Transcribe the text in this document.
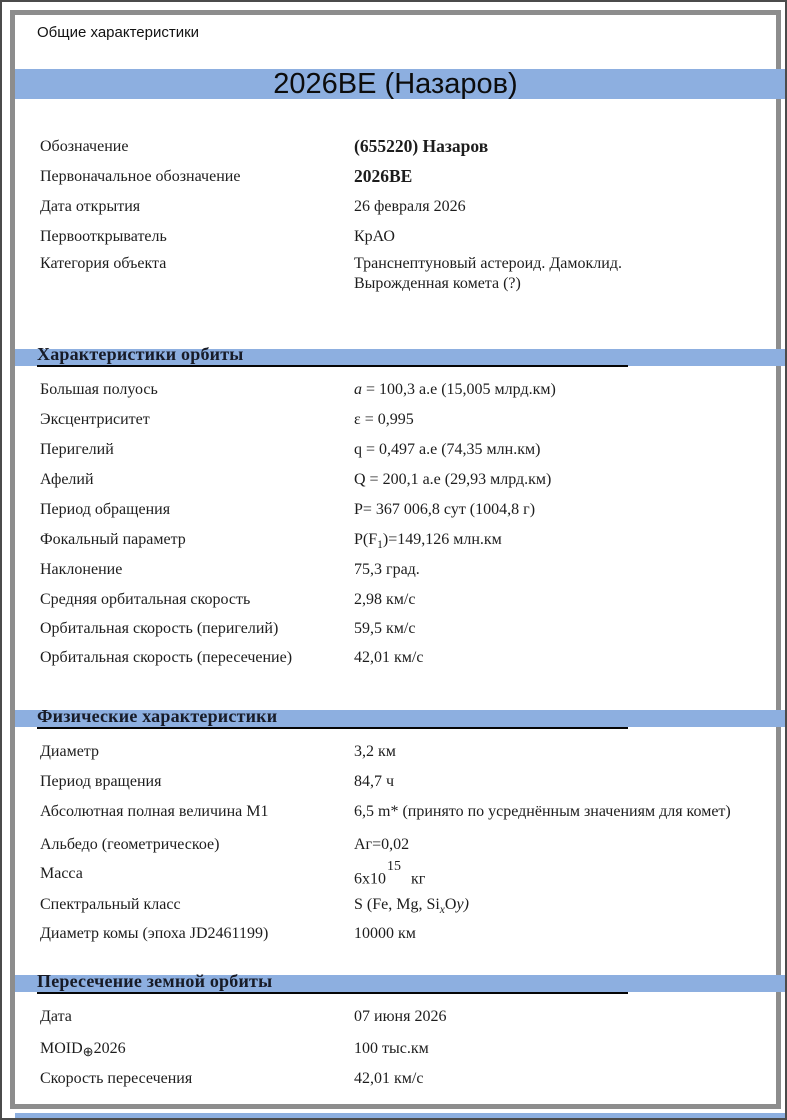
Общие характеристики
2026BE (Назаров)
Обозначение	(655220) Назаров
Первоначальное обозначение	2026BE
Дата открытия	26 февраля 2026
Первооткрыватель	КрАО
Категория объекта	Транснептуновый астероид. Дамоклид. Вырожденная комета (?)
Характеристики орбиты
Большая полуось	a = 100,3 а.е (15,005 млрд.км)
Эксцентриситет	ε = 0,995
Перигелий	q = 0,497 а.е (74,35 млн.км)
Афелий	Q = 200,1 а.е (29,93 млрд.км)
Период обращения	P= 367 006,8 сут (1004,8 г)
Фокальный параметр	$P(F_1)=149,126$ млн.км
Наклонение	75,3 град.
Средняя орбитальная скорость	2,98 км/с
Орбитальная скорость (перигелий)	59,5 км/с
Орбитальная скорость (пересечение)	42,01 км/с
Физические характеристики
Диаметр	3,2 км
Период вращения	84,7 ч
Абсолютная полная величина M1	6,5 m* (принято по усреднённым значениям для комет)
Альбедо (геометрическое)	Аг=0,02
Масса	$6x10^{15}$ кг
Спектральный класс	S (Fe, Mg, $Si_xOу$)
Диаметр комы (эпоха JD2461199)	10000 км
Пересечение земной орбиты
Дата	07 июня 2026
$MOID_\oplus 2026$	100 тыс.км
Скорость пересечения	42,01 км/с
